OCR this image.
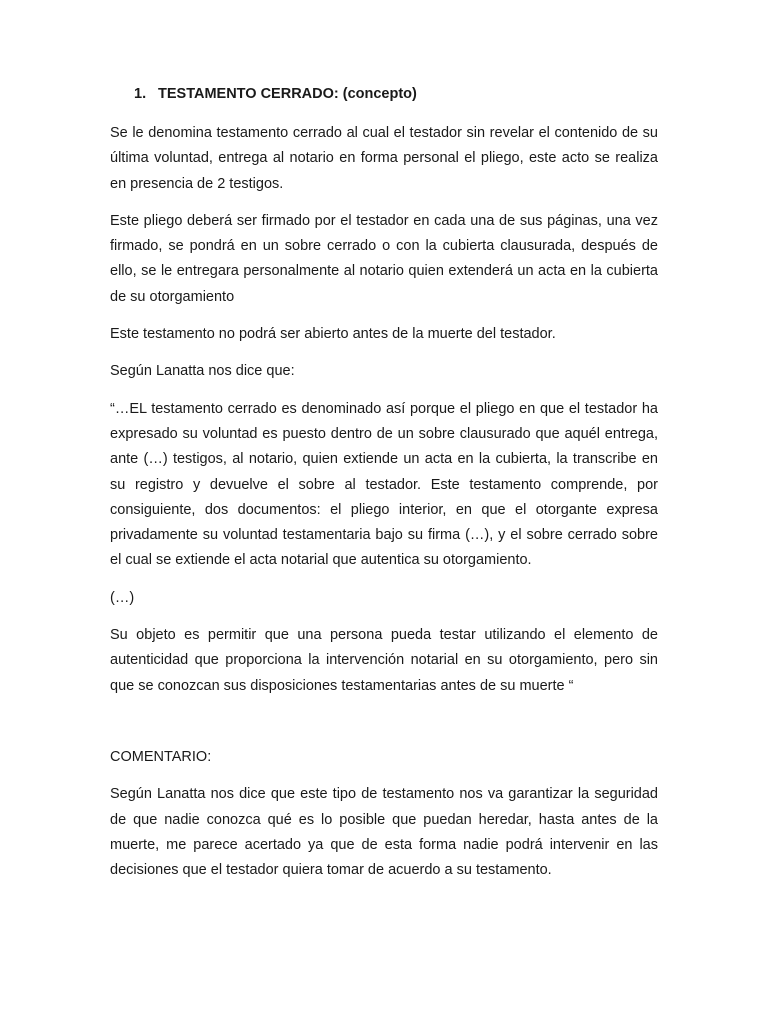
1. TESTAMENTO CERRADO: (concepto)

Se le denomina testamento cerrado al cual el testador sin revelar el contenido de su última voluntad, entrega al notario en forma personal el pliego, este acto se realiza en presencia de 2 testigos.

Este pliego deberá ser firmado por el testador en cada una de sus páginas, una vez firmado, se pondrá en un sobre cerrado o con la cubierta clausurada, después de ello, se le entregara personalmente al notario quien extenderá un acta en la cubierta de su otorgamiento

Este testamento no podrá ser abierto antes de la muerte del testador.

Según Lanatta nos dice que:

“…EL testamento cerrado es denominado así porque el pliego en que el testador ha expresado su voluntad es puesto dentro de un sobre clausurado que aquél entrega, ante (…) testigos, al notario, quien extiende un acta en la cubierta, la transcribe en su registro y devuelve el sobre al testador. Este testamento comprende, por consiguiente, dos documentos: el pliego interior, en que el otorgante expresa privadamente su voluntad testamentaria bajo su firma (…), y el sobre cerrado sobre el cual se extiende el acta notarial que autentica su otorgamiento.

(…)

Su objeto es permitir que una persona pueda testar utilizando el elemento de autenticidad que proporciona la intervención notarial en su otorgamiento, pero sin que se conozcan sus disposiciones testamentarias antes de su muerte “

COMENTARIO:

Según Lanatta nos dice que este tipo de testamento nos va garantizar la seguridad de que nadie conozca qué es lo posible que puedan heredar, hasta antes de la muerte, me parece acertado ya que de esta forma nadie podrá intervenir en las decisiones que el testador quiera tomar de acuerdo a su testamento.
